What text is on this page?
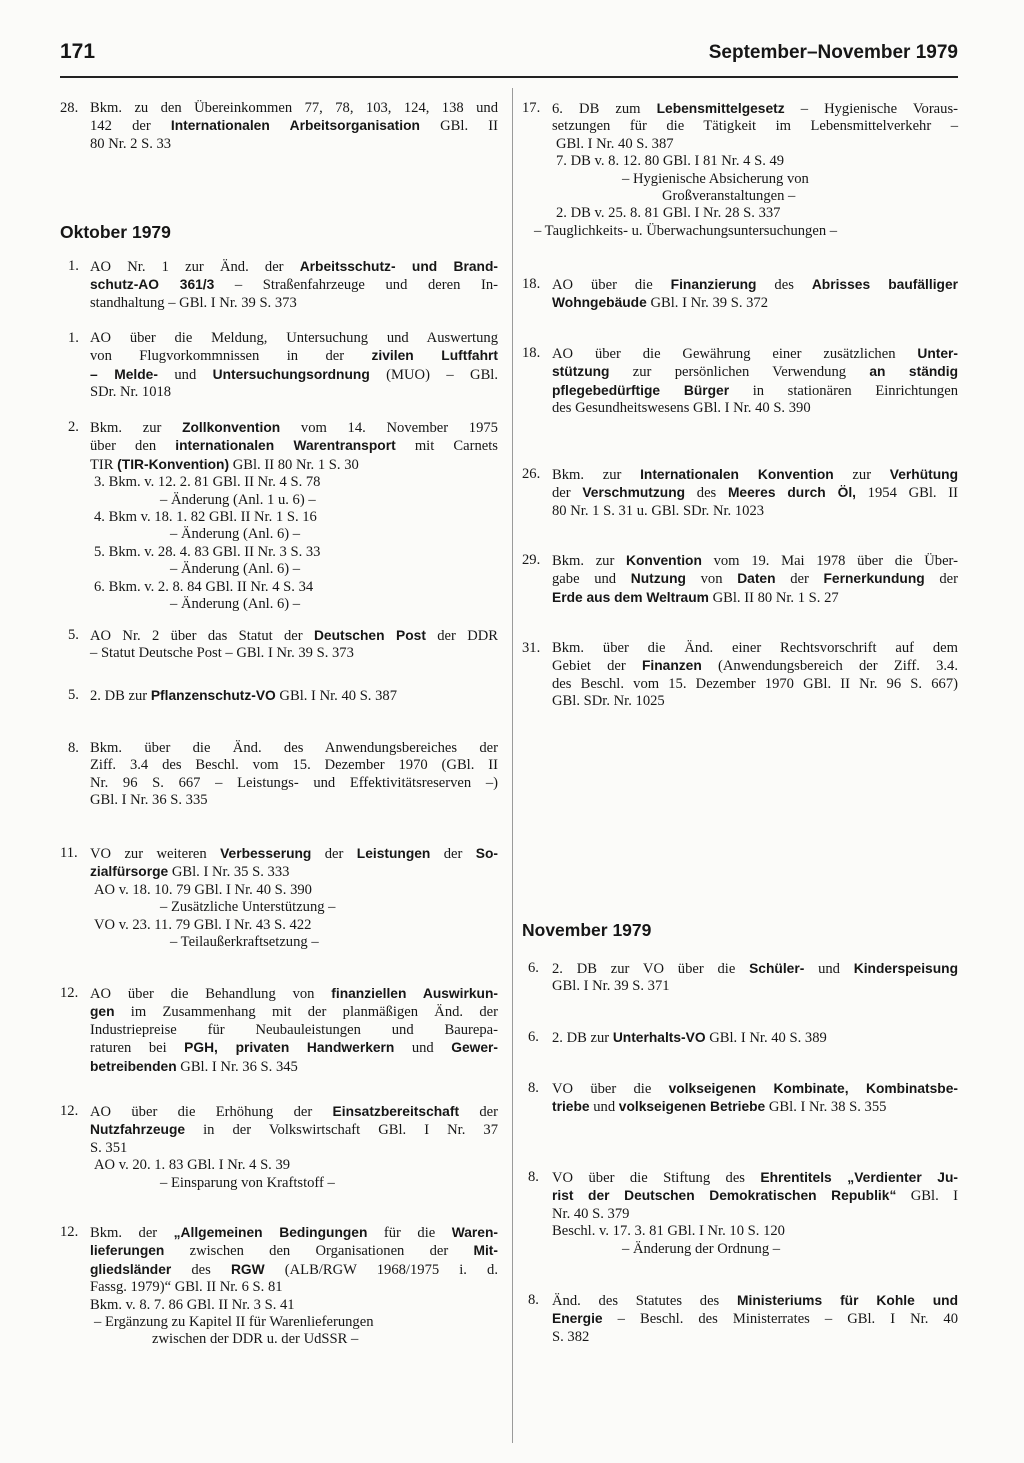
171	September–November 1979
28. Bkm. zu den Übereinkommen 77, 78, 103, 124, 138 und
142 der Internationalen Arbeitsorganisation GBl. II
80 Nr. 2 S. 33
Oktober 1979
1. AO Nr. 1 zur Änd. der Arbeitsschutz- und Brand-
schutz-AO 361/3 – Straßenfahrzeuge und deren In-
standhaltung – GBl. I Nr. 39 S. 373
1. AO über die Meldung, Untersuchung und Auswertung
von Flugvorkommnissen in der zivilen Luftfahrt
– Melde- und Untersuchungsordnung (MUO) – GBl.
SDr. Nr. 1018
2. Bkm. zur Zollkonvention vom 14. November 1975
über den internationalen Warentransport mit Carnets
TIR (TIR-Konvention) GBl. II 80 Nr. 1 S. 30
3. Bkm. v. 12. 2. 81 GBl. II Nr. 4 S. 78
– Änderung (Anl. 1 u. 6) –
4. Bkm v. 18. 1. 82 GBl. II Nr. 1 S. 16
– Änderung (Anl. 6) –
5. Bkm. v. 28. 4. 83 GBl. II Nr. 3 S. 33
– Änderung (Anl. 6) –
6. Bkm. v. 2. 8. 84 GBl. II Nr. 4 S. 34
– Änderung (Anl. 6) –
5. AO Nr. 2 über das Statut der Deutschen Post der DDR
– Statut Deutsche Post – GBl. I Nr. 39 S. 373
5. 2. DB zur Pflanzenschutz-VO GBl. I Nr. 40 S. 387
8. Bkm. über die Änd. des Anwendungsbereiches der
Ziff. 3.4 des Beschl. vom 15. Dezember 1970 (GBl. II
Nr. 96 S. 667 – Leistungs- und Effektivitätsreserven –)
GBl. I Nr. 36 S. 335
11. VO zur weiteren Verbesserung der Leistungen der So-
zialfürsorge GBl. I Nr. 35 S. 333
AO v. 18. 10. 79 GBl. I Nr. 40 S. 390
– Zusätzliche Unterstützung –
VO v. 23. 11. 79 GBl. I Nr. 43 S. 422
– Teilaußerkraftsetzung –
12. AO über die Behandlung von finanziellen Auswirkun-
gen im Zusammenhang mit der planmäßigen Änd. der
Industriepreise für Neubauleistungen und Baurepa-
raturen bei PGH, privaten Handwerkern und Gewer-
betreibenden GBl. I Nr. 36 S. 345
12. AO über die Erhöhung der Einsatzbereitschaft der
Nutzfahrzeuge in der Volkswirtschaft GBl. I Nr. 37
S. 351
AO v. 20. 1. 83 GBl. I Nr. 4 S. 39
– Einsparung von Kraftstoff –
12. Bkm. der „Allgemeinen Bedingungen für die Waren-
lieferungen zwischen den Organisationen der Mit-
gliedsländer des RGW (ALB/RGW 1968/1975 i. d.
Fassg. 1979)“ GBl. II Nr. 6 S. 81
Bkm. v. 8. 7. 86 GBl. II Nr. 3 S. 41
– Ergänzung zu Kapitel II für Warenlieferungen
zwischen der DDR u. der UdSSR –
17. 6. DB zum Lebensmittelgesetz – Hygienische Voraus-
setzungen für die Tätigkeit im Lebensmittelverkehr –
GBl. I Nr. 40 S. 387
7. DB v. 8. 12. 80 GBl. I 81 Nr. 4 S. 49
– Hygienische Absicherung von
Großveranstaltungen –
2. DB v. 25. 8. 81 GBl. I Nr. 28 S. 337
– Tauglichkeits- u. Überwachungsuntersuchungen –
18. AO über die Finanzierung des Abrisses baufälliger
Wohngebäude GBl. I Nr. 39 S. 372
18. AO über die Gewährung einer zusätzlichen Unter-
stützung zur persönlichen Verwendung an ständig
pflegebedürftige Bürger in stationären Einrichtungen
des Gesundheitswesens GBl. I Nr. 40 S. 390
26. Bkm. zur Internationalen Konvention zur Verhütung
der Verschmutzung des Meeres durch Öl, 1954 GBl. II
80 Nr. 1 S. 31 u. GBl. SDr. Nr. 1023
29. Bkm. zur Konvention vom 19. Mai 1978 über die Über-
gabe und Nutzung von Daten der Fernerkundung der
Erde aus dem Weltraum GBl. II 80 Nr. 1 S. 27
31. Bkm. über die Änd. einer Rechtsvorschrift auf dem
Gebiet der Finanzen (Anwendungsbereich der Ziff. 3.4.
des Beschl. vom 15. Dezember 1970 GBl. II Nr. 96 S. 667)
GBl. SDr. Nr. 1025
November 1979
6. 2. DB zur VO über die Schüler- und Kinderspeisung
GBl. I Nr. 39 S. 371
6. 2. DB zur Unterhalts-VO GBl. I Nr. 40 S. 389
8. VO über die volkseigenen Kombinate, Kombinatsbe-
triebe und volkseigenen Betriebe GBl. I Nr. 38 S. 355
8. VO über die Stiftung des Ehrentitels „Verdienter Ju-
rist der Deutschen Demokratischen Republik“ GBl. I
Nr. 40 S. 379
Beschl. v. 17. 3. 81 GBl. I Nr. 10 S. 120
– Änderung der Ordnung –
8. Änd. des Statutes des Ministeriums für Kohle und
Energie – Beschl. des Ministerrates – GBl. I Nr. 40
S. 382
